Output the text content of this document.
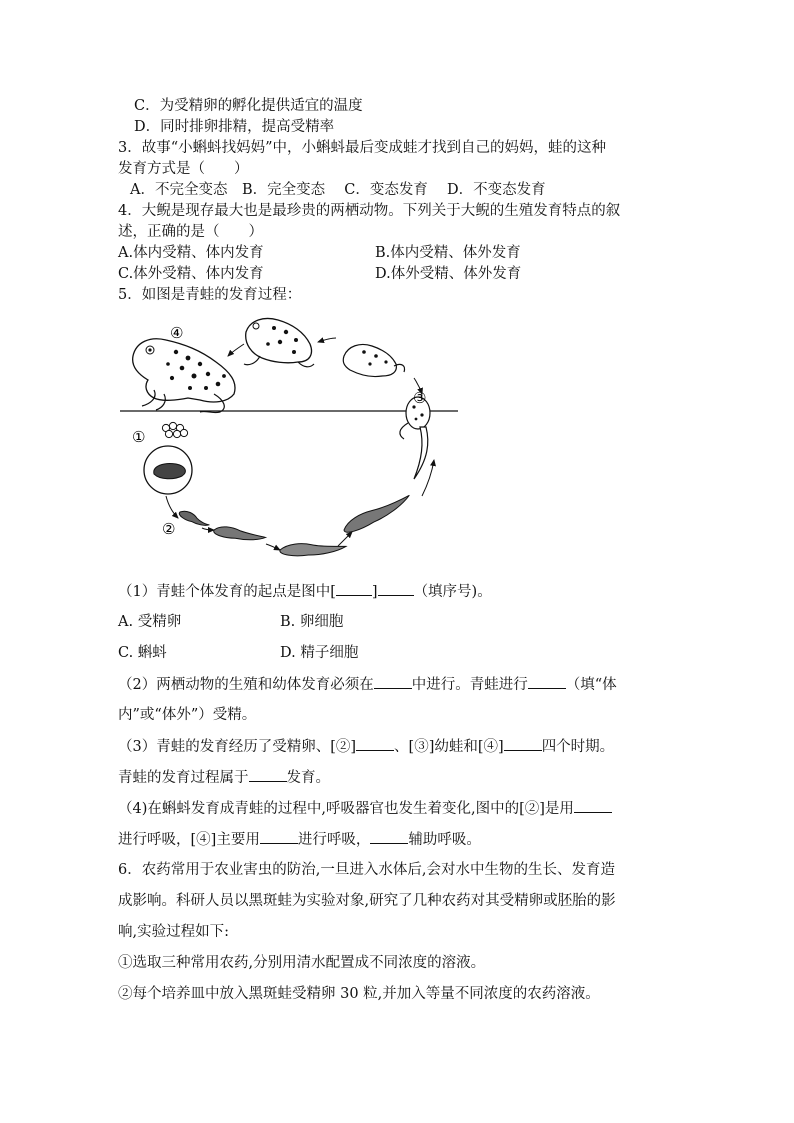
C．为受精卵的孵化提供适宜的温度
D．同时排卵排精，提高受精率
3．故事“小蝌蚪找妈妈”中，小蝌蚪最后变成蛙才找到自己的妈妈，蛙的这种
发育方式是（　　）
A．不完全变态　B．完全变态　 C．变态发育　 D．不变态发育
4．大鲵是现存最大也是最珍贵的两栖动物。下列关于大鲵的生殖发育特点的叙
述，正确的是（　　）
A.体内受精、体内发育	B.体内受精、体外发育
C.体外受精、体内发育	D.体外受精、体外发育
5．如图是青蛙的发育过程：
④
③
①
②
（1）青蛙个体发育的起点是图中[ ] （填序号)。
A. 受精卵	B. 卵细胞
C. 蝌蚪	D. 精子细胞
（2）两栖动物的生殖和幼体发育必须在	中进行。青蛙进行	（填“体
内”或“体外”）受精。
（3）青蛙的发育经历了受精卵、[②]	、[③]幼蛙和[④]	四个时期。
青蛙的发育过程属于	发育。
（4)在蝌蚪发育成青蛙的过程中,呼吸器官也发生着变化,图中的[②]是用
进行呼吸，[④]主要用	进行呼吸，	辅助呼吸。
6．农药常用于农业害虫的防治,一旦进入水体后,会对水中生物的生长、发育造
成影响。科研人员以黑斑蛙为实验对象,研究了几种农药对其受精卵或胚胎的影
响,实验过程如下:
①选取三种常用农药,分别用清水配置成不同浓度的溶液。
②每个培养皿中放入黑斑蛙受精卵 30 粒,并加入等量不同浓度的农药溶液。
